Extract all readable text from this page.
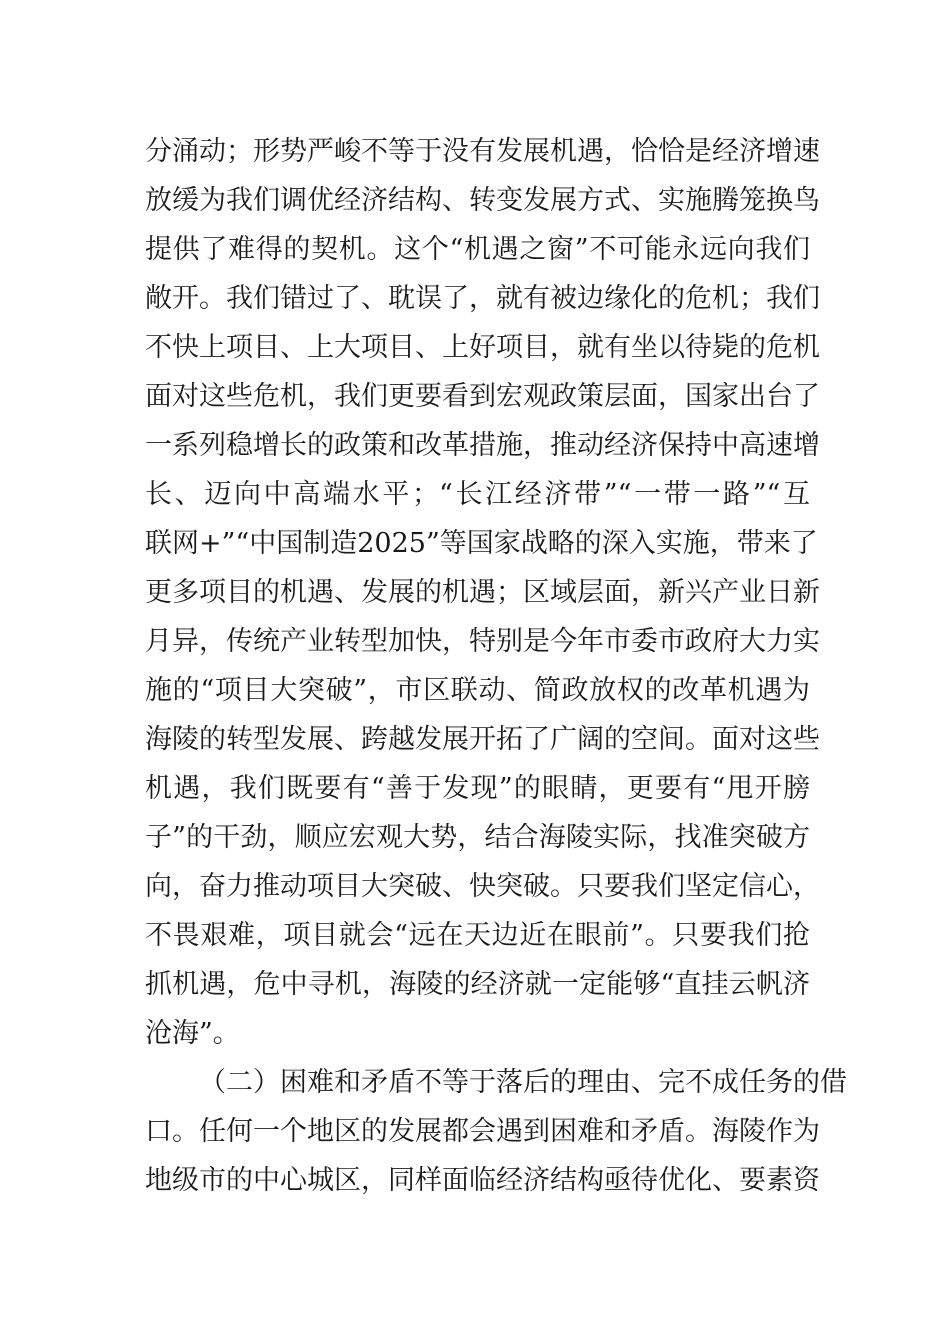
分涌动；形势严峻不等于没有发展机遇，恰恰是经济增速
放缓为我们调优经济结构、转变发展方式、实施腾笼换鸟
提供了难得的契机。这个“机遇之窗”不可能永远向我们
敞开。我们错过了、耽误了，就有被边缘化的危机；我们
不快上项目、上大项目、上好项目，就有坐以待毙的危机
面对这些危机，我们更要看到宏观政策层面，国家出台了
一系列稳增长的政策和改革措施，推动经济保持中高速增
长、迈向中高端水平；“长江经济带”“一带一路”“互
联网+”“中国制造2025”等国家战略的深入实施，带来了
更多项目的机遇、发展的机遇；区域层面，新兴产业日新
月异，传统产业转型加快，特别是今年市委市政府大力实
施的“项目大突破”，市区联动、简政放权的改革机遇为
海陵的转型发展、跨越发展开拓了广阔的空间。面对这些
机遇，我们既要有“善于发现”的眼睛，更要有“甩开膀
子”的干劲，顺应宏观大势，结合海陵实际，找准突破方
向，奋力推动项目大突破、快突破。只要我们坚定信心，
不畏艰难，项目就会“远在天边近在眼前”。只要我们抢
抓机遇，危中寻机，海陵的经济就一定能够“直挂云帆济
沧海”。
（二）困难和矛盾不等于落后的理由、完不成任务的借
口。任何一个地区的发展都会遇到困难和矛盾。海陵作为
地级市的中心城区，同样面临经济结构亟待优化、要素资
